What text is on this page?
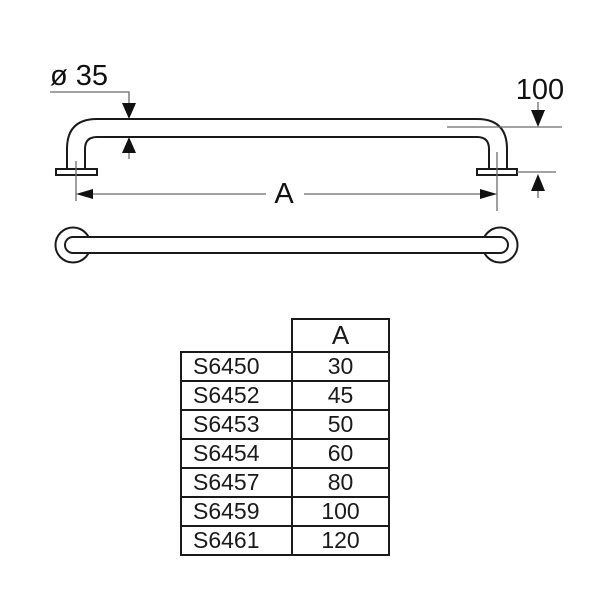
ø 35	100
A
	A
S6450	30
S6452	45
S6453	50
S6454	60
S6457	80
S6459	100
S6461	120
